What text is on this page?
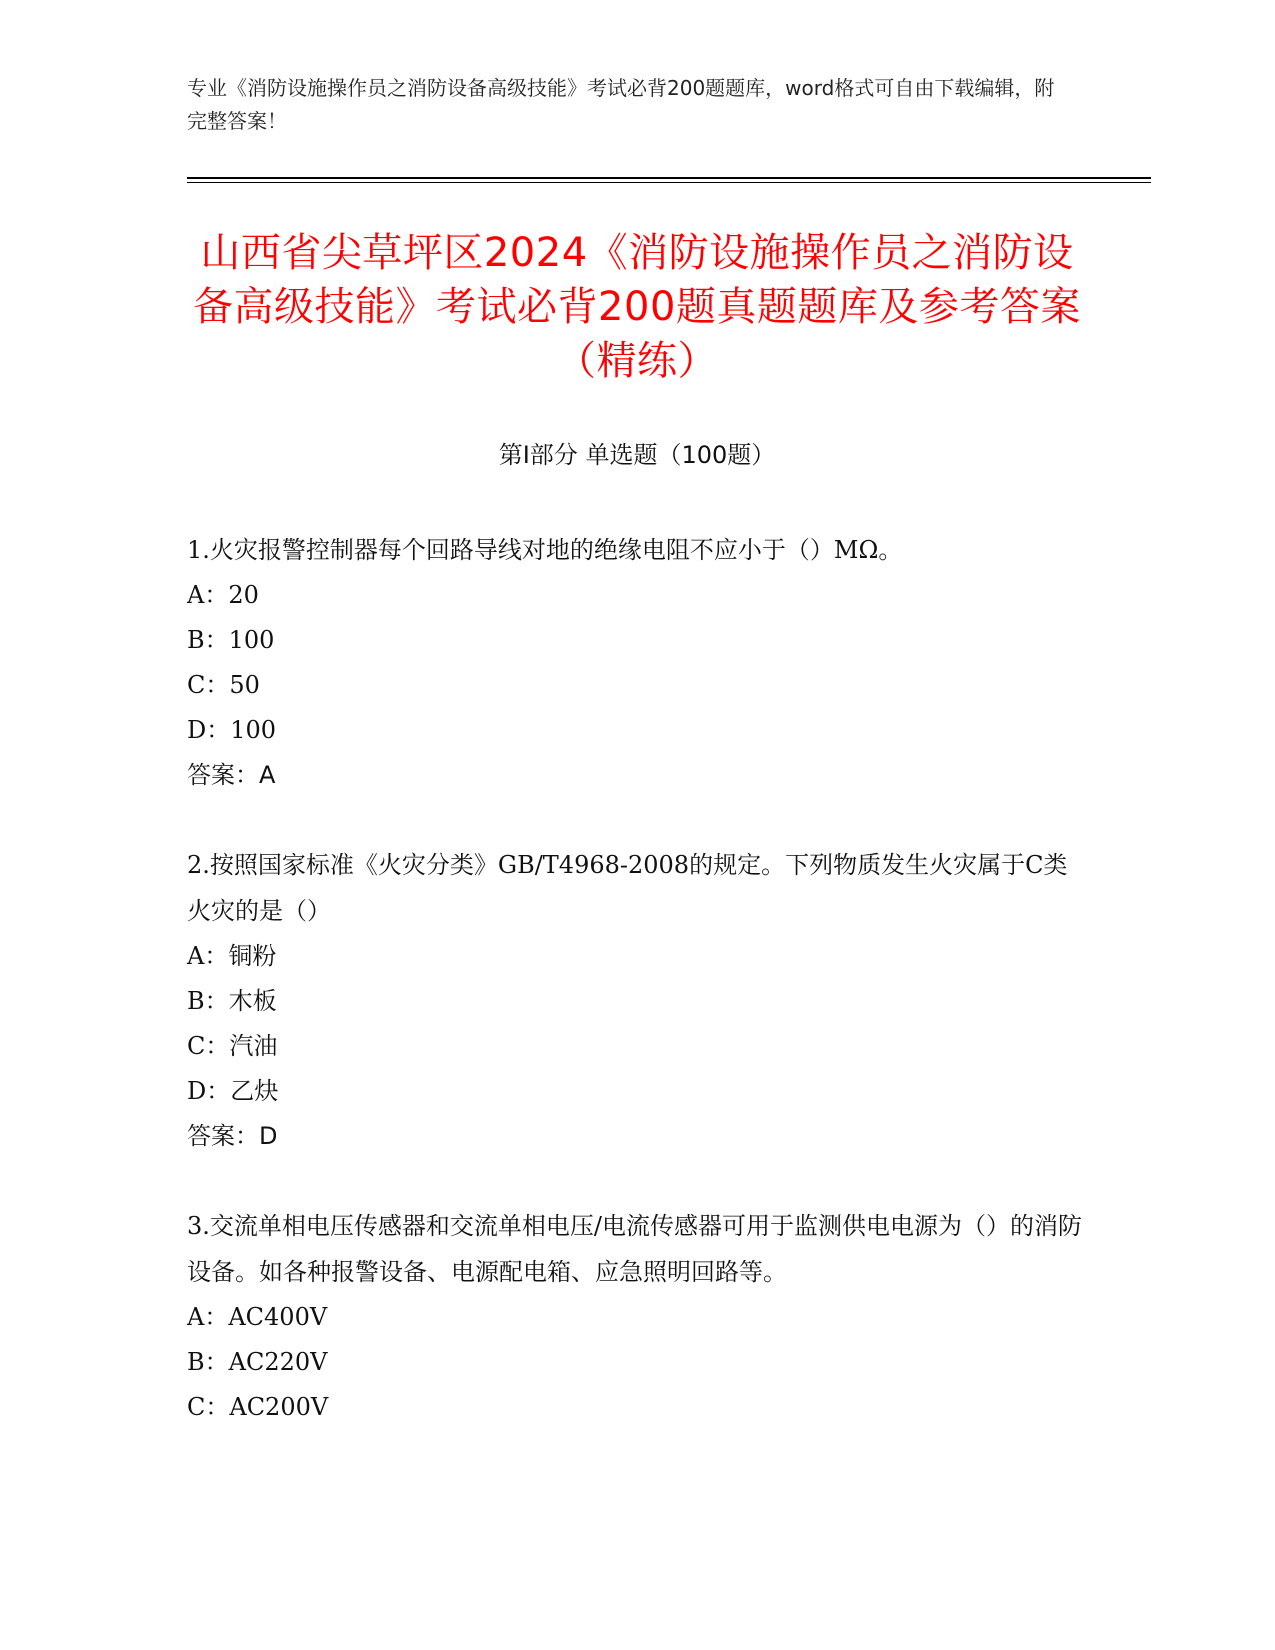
专业《消防设施操作员之消防设备高级技能》考试必背200题题库，word格式可自由下载编辑，附完整答案！
山西省尖草坪区2024《消防设施操作员之消防设备高级技能》考试必背200题真题题库及参考答案（精练）
第I部分 单选题（100题）
1.火灾报警控制器每个回路导线对地的绝缘电阻不应小于（）MΩ。
A：20
B：100
C：50
D：100
答案：A
2.按照国家标准《火灾分类》GB/T4968-2008的规定。下列物质发生火灾属于C类火灾的是（）
A：铜粉
B：木板
C：汽油
D：乙炔
答案：D
3.交流单相电压传感器和交流单相电压/电流传感器可用于监测供电电源为（）的消防设备。如各种报警设备、电源配电箱、应急照明回路等。
A：AC400V
B：AC220V
C：AC200V
